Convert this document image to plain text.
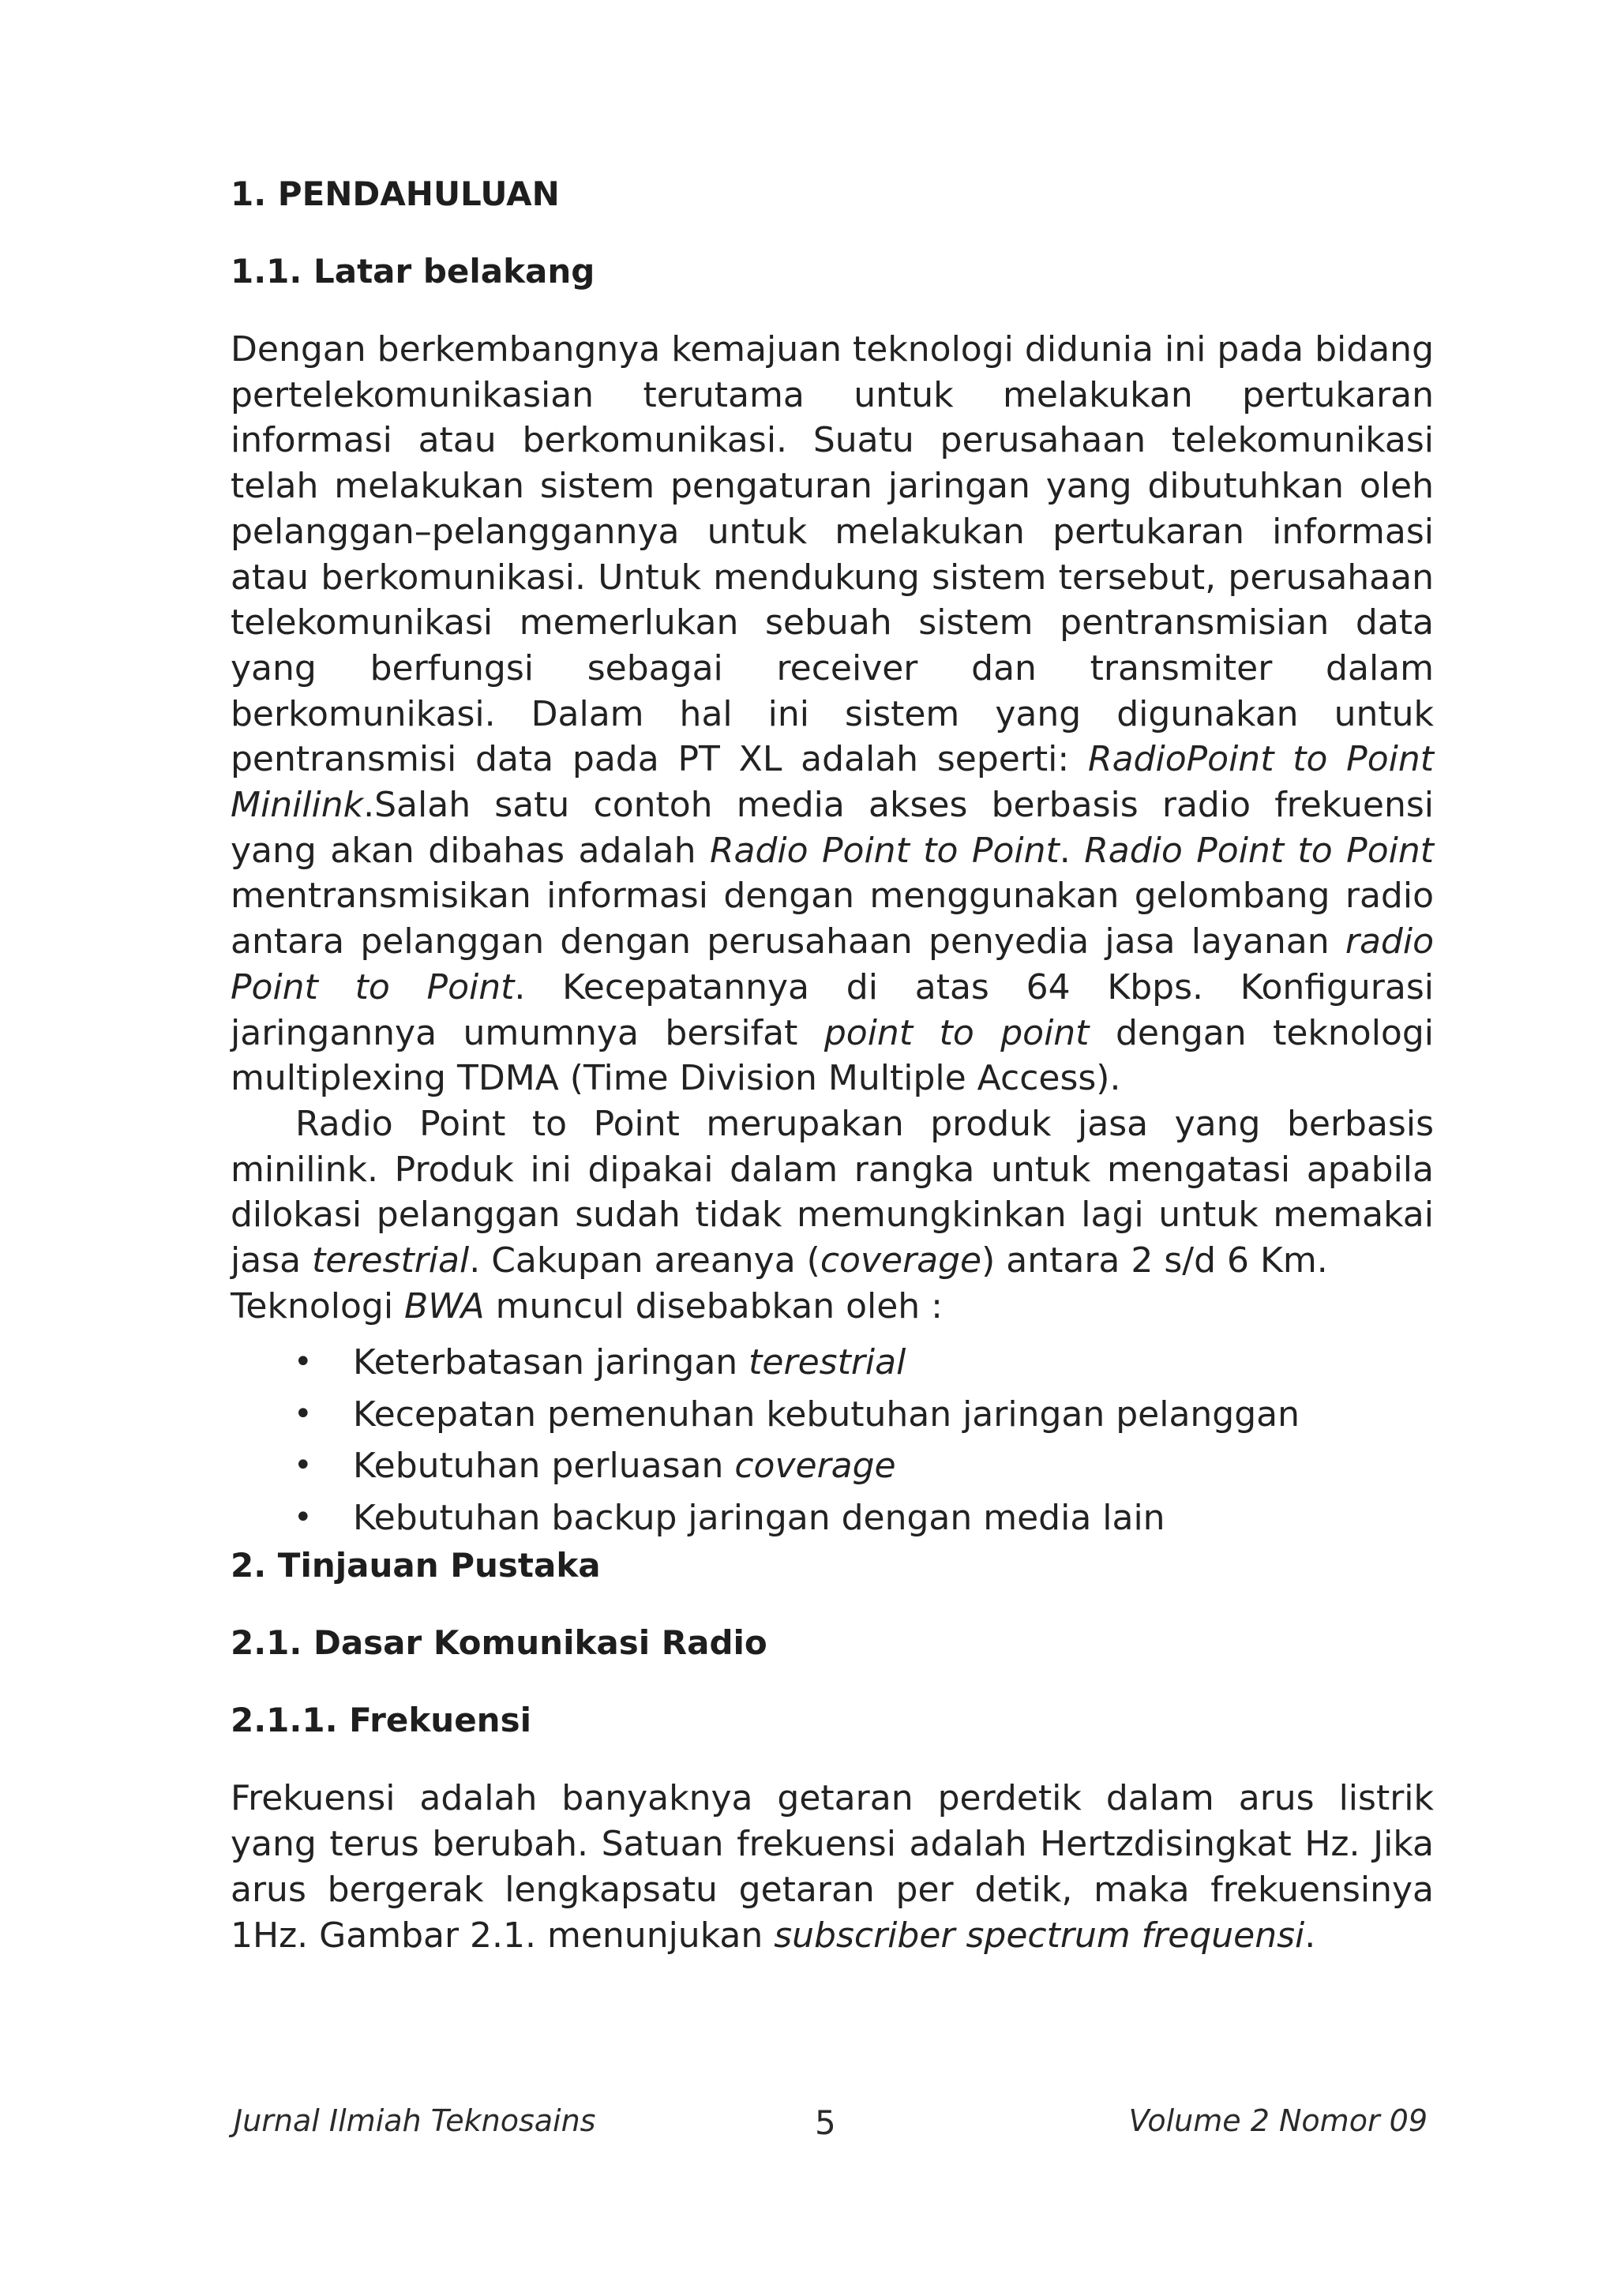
1. PENDAHULUAN
1.1. Latar belakang

Dengan berkembangnya kemajuan teknologi didunia ini pada bidang pertelekomunikasian terutama untuk melakukan pertukaran informasi atau berkomunikasi. Suatu perusahaan telekomunikasi telah melakukan sistem pengaturan jaringan yang dibutuhkan oleh pelanggan–pelanggannya untuk melakukan pertukaran informasi atau berkomunikasi. Untuk mendukung sistem tersebut, perusahaan telekomunikasi memerlukan sebuah sistem pentransmisian data yang berfungsi sebagai receiver dan transmiter dalam berkomunikasi. Dalam hal ini sistem yang digunakan untuk pentransmisi data pada PT XL adalah seperti: RadioPoint to Point Minilink.Salah satu contoh media akses berbasis radio frekuensi yang akan dibahas adalah Radio Point to Point. Radio Point to Point mentransmisikan informasi dengan menggunakan gelombang radio antara pelanggan dengan perusahaan penyedia jasa layanan radio Point to Point. Kecepatannya di atas 64 Kbps. Konfigurasi jaringannya umumnya bersifat point to point dengan teknologi multiplexing TDMA (Time Division Multiple Access).

Radio Point to Point merupakan produk jasa yang berbasis minilink. Produk ini dipakai dalam rangka untuk mengatasi apabila dilokasi pelanggan sudah tidak memungkinkan lagi untuk memakai jasa terestrial. Cakupan areanya (coverage) antara 2 s/d 6 Km.

Teknologi BWA muncul disebabkan oleh :

• Keterbatasan jaringan terestrial
• Kecepatan pemenuhan kebutuhan jaringan pelanggan
• Kebutuhan perluasan coverage
• Kebutuhan backup jaringan dengan media lain
2. Tinjauan Pustaka
2.1. Dasar Komunikasi Radio
2.1.1. Frekuensi

Frekuensi adalah banyaknya getaran perdetik dalam arus listrik yang terus berubah. Satuan frekuensi adalah Hertzdisingkat Hz. Jika arus bergerak lengkapsatu getaran per detik, maka frekuensinya 1Hz. Gambar 2.1. menunjukan subscriber spectrum frequensi.

Jurnal Ilmiah Teknosains	5	Volume 2 Nomor 09
